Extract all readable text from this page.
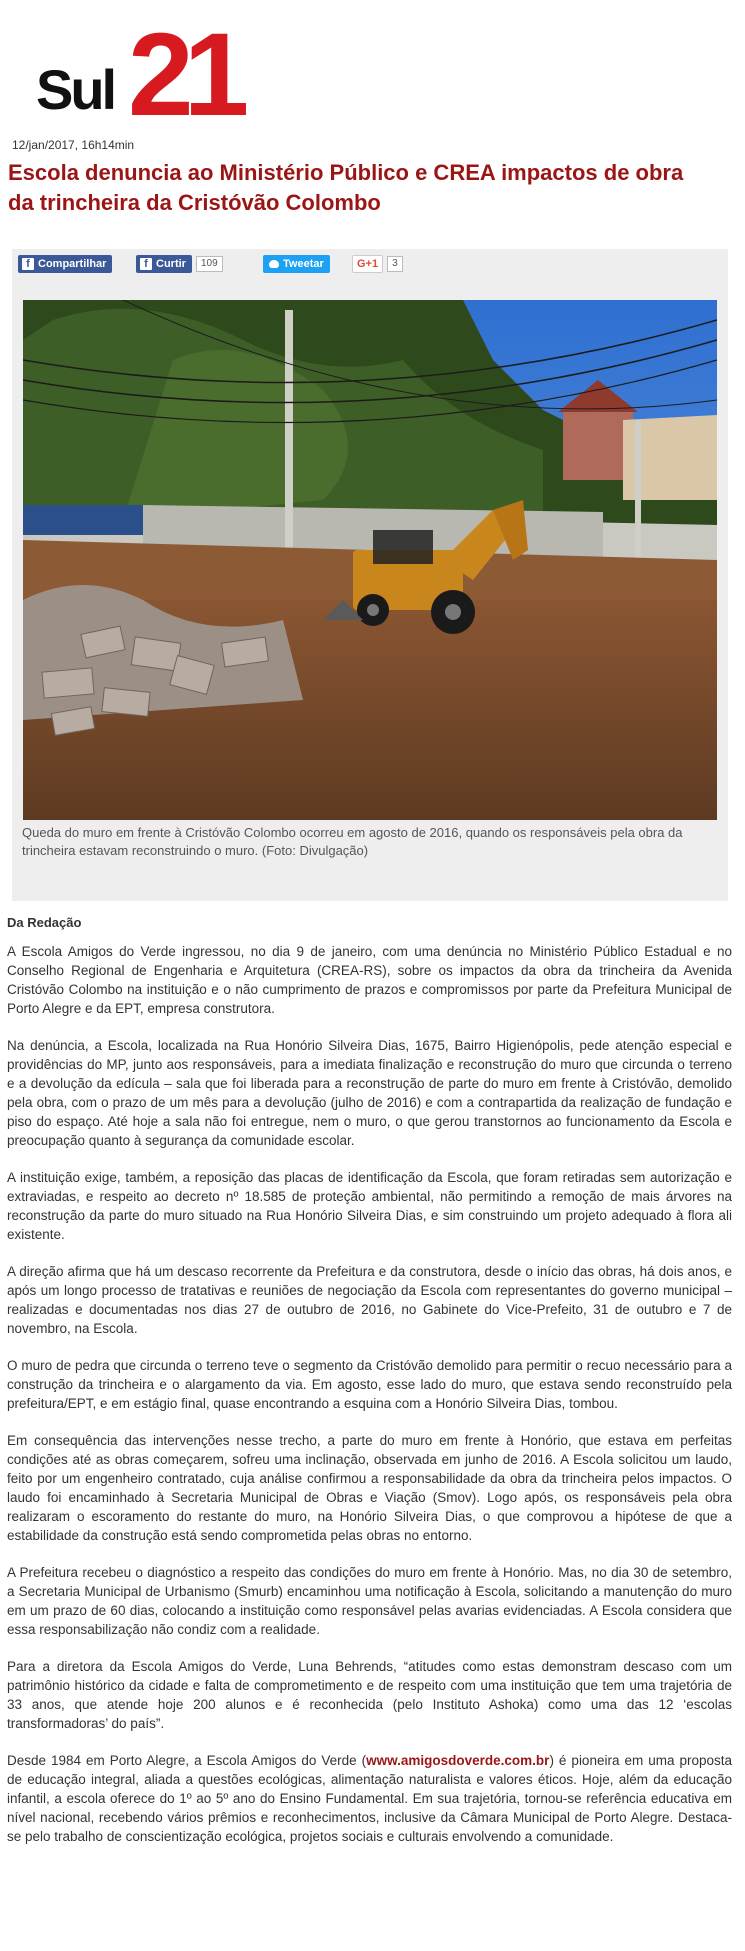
Sul 21
12/jan/2017, 16h14min
Escola denuncia ao Ministério Público e CREA impactos de obra da trincheira da Cristóvão Colombo
f Compartilhar	f Curtir	109	Tweetar	G+1	3

Queda do muro em frente à Cristóvão Colombo ocorreu em agosto de 2016, quando os responsáveis pela obra da trincheira estavam reconstruindo o muro. (Foto: Divulgação)

Da Redação

A Escola Amigos do Verde ingressou, no dia 9 de janeiro, com uma denúncia no Ministério Público Estadual e no Conselho Regional de Engenharia e Arquitetura (CREA-RS), sobre os impactos da obra da trincheira da Avenida Cristóvão Colombo na instituição e o não cumprimento de prazos e compromissos por parte da Prefeitura Municipal de Porto Alegre e da EPT, empresa construtora.

Na denúncia, a Escola, localizada na Rua Honório Silveira Dias, 1675, Bairro Higienópolis, pede atenção especial e providências do MP, junto aos responsáveis, para a imediata finalização e reconstrução do muro que circunda o terreno e a devolução da edícula – sala que foi liberada para a reconstrução de parte do muro em frente à Cristóvão, demolido pela obra, com o prazo de um mês para a devolução (julho de 2016) e com a contrapartida da realização de fundação e piso do espaço. Até hoje a sala não foi entregue, nem o muro, o que gerou transtornos ao funcionamento da Escola e preocupação quanto à segurança da comunidade escolar.

A instituição exige, também, a reposição das placas de identificação da Escola, que foram retiradas sem autorização e extraviadas, e respeito ao decreto nº 18.585 de proteção ambiental, não permitindo a remoção de mais árvores na reconstrução da parte do muro situado na Rua Honório Silveira Dias, e sim construindo um projeto adequado à flora ali existente.

A direção afirma que há um descaso recorrente da Prefeitura e da construtora, desde o início das obras, há dois anos, e após um longo processo de tratativas e reuniões de negociação da Escola com representantes do governo municipal – realizadas e documentadas nos dias 27 de outubro de 2016, no Gabinete do Vice-Prefeito, 31 de outubro e 7 de novembro, na Escola.

O muro de pedra que circunda o terreno teve o segmento da Cristóvão demolido para permitir o recuo necessário para a construção da trincheira e o alargamento da via. Em agosto, esse lado do muro, que estava sendo reconstruído pela prefeitura/EPT, e em estágio final, quase encontrando a esquina com a Honório Silveira Dias, tombou.

Em consequência das intervenções nesse trecho, a parte do muro em frente à Honório, que estava em perfeitas condições até as obras começarem, sofreu uma inclinação, observada em junho de 2016. A Escola solicitou um laudo, feito por um engenheiro contratado, cuja análise confirmou a responsabilidade da obra da trincheira pelos impactos. O laudo foi encaminhado à Secretaria Municipal de Obras e Viação (Smov). Logo após, os responsáveis pela obra realizaram o escoramento do restante do muro, na Honório Silveira Dias, o que comprovou a hipótese de que a estabilidade da construção está sendo comprometida pelas obras no entorno.

A Prefeitura recebeu o diagnóstico a respeito das condições do muro em frente à Honório. Mas, no dia 30 de setembro, a Secretaria Municipal de Urbanismo (Smurb) encaminhou uma notificação à Escola, solicitando a manutenção do muro em um prazo de 60 dias, colocando a instituição como responsável pelas avarias evidenciadas. A Escola considera que essa responsabilização não condiz com a realidade.

Para a diretora da Escola Amigos do Verde, Luna Behrends, “atitudes como estas demonstram descaso com um patrimônio histórico da cidade e falta de comprometimento e de respeito com uma instituição que tem uma trajetória de 33 anos, que atende hoje 200 alunos e é reconhecida (pelo Instituto Ashoka) como uma das 12 ‘escolas transformadoras’ do país”.

Desde 1984 em Porto Alegre, a Escola Amigos do Verde (www.amigosdoverde.com.br) é pioneira em uma proposta de educação integral, aliada a questões ecológicas, alimentação naturalista e valores éticos. Hoje, além da educação infantil, a escola oferece do 1º ao 5º ano do Ensino Fundamental. Em sua trajetória, tornou-se referência educativa em nível nacional, recebendo vários prêmios e reconhecimentos, inclusive da Câmara Municipal de Porto Alegre. Destaca-se pelo trabalho de conscientização ecológica, projetos sociais e culturais envolvendo a comunidade.
